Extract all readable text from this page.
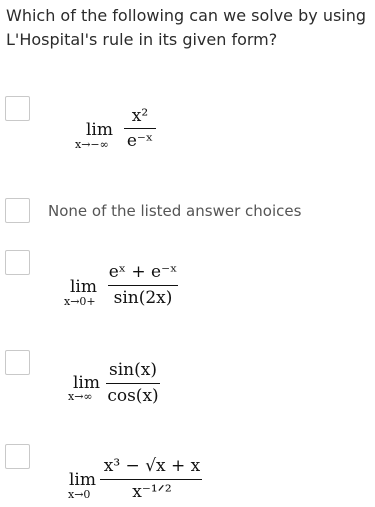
Which of the following can we solve by using L'Hospital's rule in its given form?

lim
x→−∞
x²
e⁻ˣ
None of the listed answer choices
lim
x→0+
eˣ + e⁻ˣ
sin(2x)
lim
x→∞
sin(x)
cos(x)
lim
x→0
x³ − √x + x
x⁻¹ᐟ²
